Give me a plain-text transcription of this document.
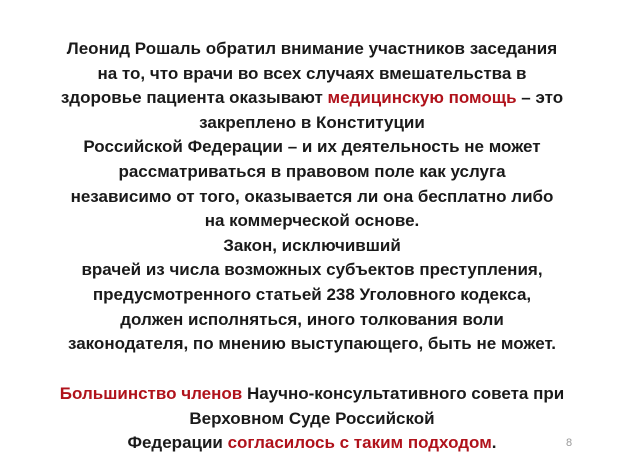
Леонид Рошаль обратил внимание участников заседания
на то, что врачи во всех случаях вмешательства в
здоровье пациента оказывают медицинскую помощь – это
закреплено в Конституции
Российской Федерации – и их деятельность не может
рассматриваться в правовом поле как услуга
независимо от того, оказывается ли она бесплатно либо
на коммерческой основе.
Закон, исключивший
врачей из числа возможных субъектов преступления,
предусмотренного статьей 238 Уголовного кодекса,
должен исполняться, иного толкования воли
законодателя, по мнению выступающего, быть не может.
Большинство членов Научно-консультативного совета при
Верховном Суде Российской
Федерации согласилось с таким подходом.	8
